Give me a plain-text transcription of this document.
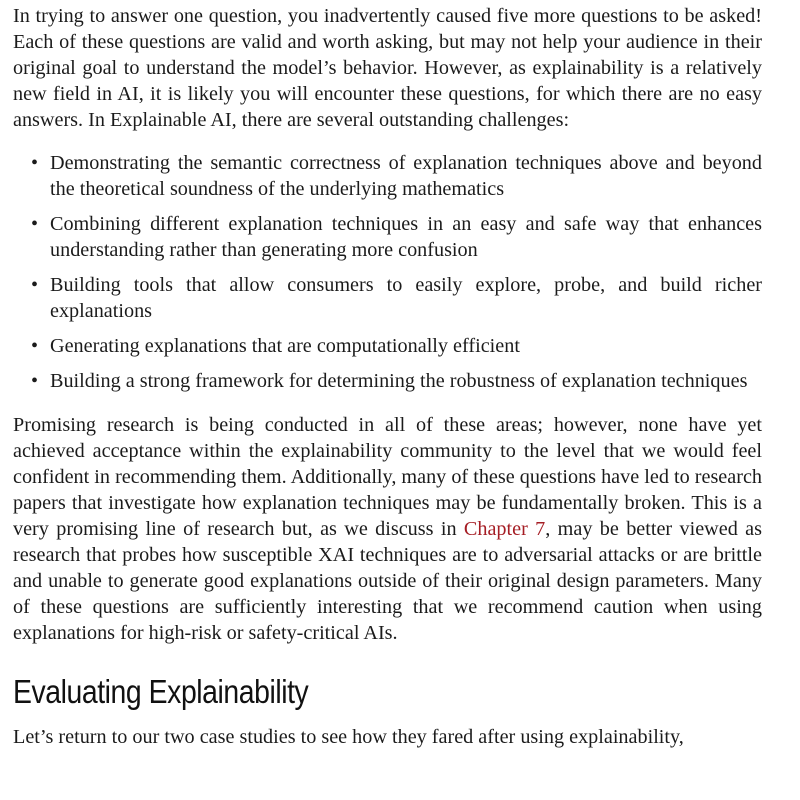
In trying to answer one question, you inadvertently caused five more questions to be asked! Each of these questions are valid and worth asking, but may not help your audience in their original goal to understand the model’s behavior. However, as explainability is a relatively new field in AI, it is likely you will encounter these questions, for which there are no easy answers. In Explainable AI, there are several outstanding challenges:

• Demonstrating the semantic correctness of explanation techniques above and beyond the theoretical soundness of the underlying mathematics
• Combining different explanation techniques in an easy and safe way that enhances understanding rather than generating more confusion
• Building tools that allow consumers to easily explore, probe, and build richer explanations
• Generating explanations that are computationally efficient
• Building a strong framework for determining the robustness of explanation techniques

Promising research is being conducted in all of these areas; however, none have yet achieved acceptance within the explainability community to the level that we would feel confident in recommending them. Additionally, many of these questions have led to research papers that investigate how explanation techniques may be fundamentally broken. This is a very promising line of research but, as we discuss in Chapter 7, may be better viewed as research that probes how susceptible XAI techniques are to adversarial attacks or are brittle and unable to generate good explanations outside of their original design parameters. Many of these questions are sufficiently interesting that we recommend caution when using explanations for high-risk or safety-critical AIs.

Evaluating Explainability

Let’s return to our two case studies to see how they fared after using explainability,
